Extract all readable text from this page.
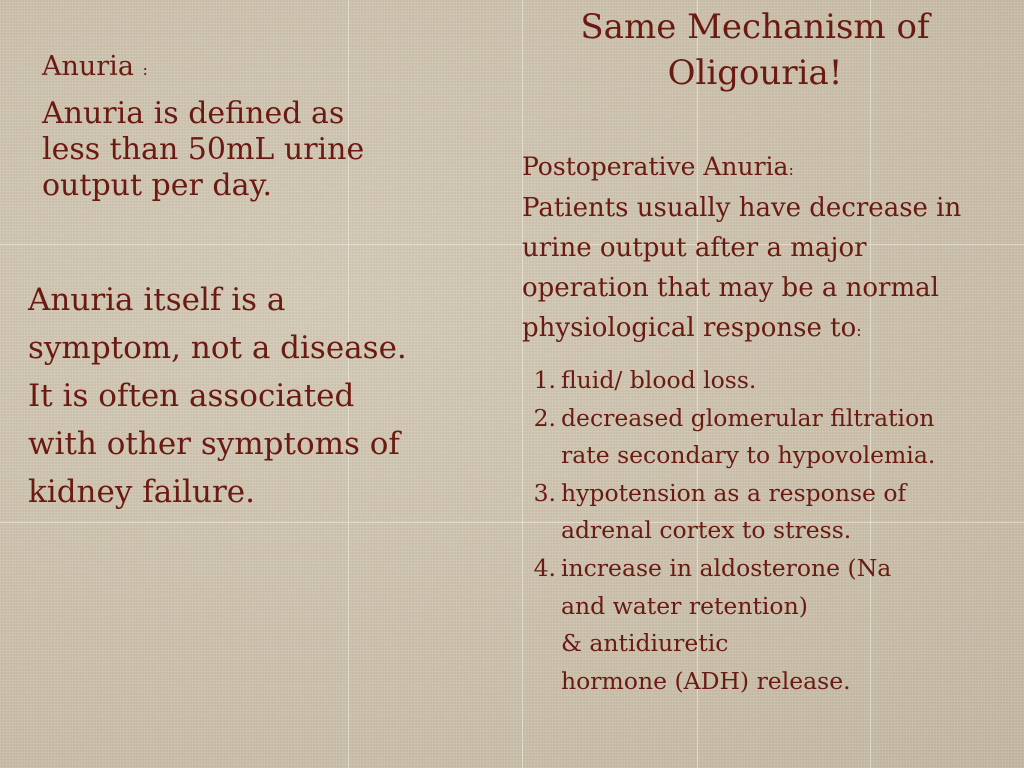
Same Mechanism of
Oligouria!
Anuria :
Anuria is defined as less than 50mL urine output per day.
Anuria itself is a symptom, not a disease. It is often associated with other symptoms of kidney failure.
Postoperative Anuria:
Patients usually have decrease in urine output after a major operation that may be a normal physiological response to:
1. fluid/ blood loss.
2. decreased glomerular filtration rate secondary to hypovolemia.
3. hypotension as a response of adrenal cortex to stress.
4. increase in aldosterone (Na
and water retention)
& antidiuretic
hormone (ADH) release.
